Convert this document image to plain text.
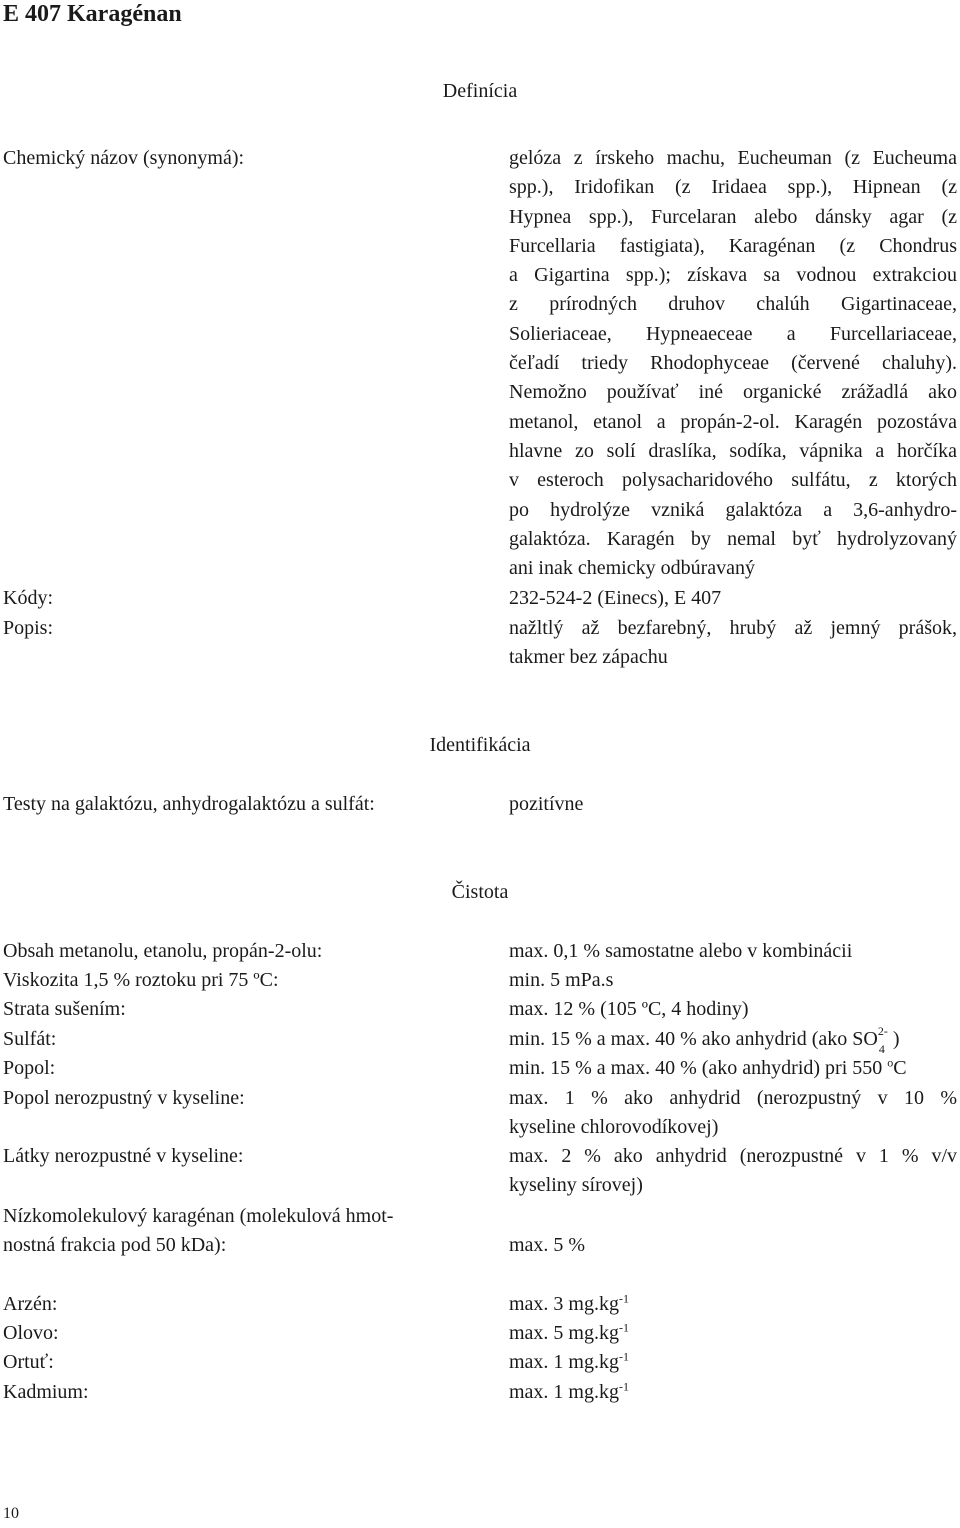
E 407 Karagénan
Definícia
Chemický názov (synonymá):	gelóza z írskeho machu, Eucheuman (z Eucheuma
spp.), Iridofikan (z Iridaea spp.), Hipnean (z
Hypnea spp.), Furcelaran alebo dánsky agar (z
Furcellaria fastigiata), Karagénan (z Chondrus
a Gigartina spp.); získava sa vodnou extrakciou
z prírodných druhov chalúh Gigartinaceae,
Solieriaceae, Hypneaeceae a Furcellariaceae,
čeľadí triedy Rhodophyceae (červené chaluhy).
Nemožno používať iné organické zrážadlá ako
metanol, etanol a propán-2-ol. Karagén pozostáva
hlavne zo solí draslíka, sodíka, vápnika a horčíka
v esteroch polysacharidového sulfátu, z ktorých
po hydrolýze vzniká galaktóza a 3,6-anhydro-
galaktóza. Karagén by nemal byť hydrolyzovaný
ani inak chemicky odbúravaný
Kódy:	232-524-2 (Einecs), E 407
Popis:	nažltlý až bezfarebný, hrubý až jemný prášok,
takmer bez zápachu
Identifikácia
Testy na galaktózu, anhydrogalaktózu a sulfát:	pozitívne
Čistota
Obsah metanolu, etanolu, propán-2-olu:	max. 0,1 % samostatne alebo v kombinácii
Viskozita 1,5 % roztoku pri 75 ºC:	min. 5 mPa.s
Strata sušením:	max. 12 % (105 ºC, 4 hodiny)
Sulfát:	min. 15 % a max. 40 % ako anhydrid (ako SO 2-
4 )
Popol:	min. 15 % a max. 40 % (ako anhydrid) pri 550 $^o$C
Popol nerozpustný v kyseline:	max. 1 % ako anhydrid (nerozpustný v 10 %
kyseline chlorovodíkovej)
Látky nerozpustné v kyseline:	max. 2 % ako anhydrid (nerozpustné v 1 % v/v
kyseliny sírovej)
Nízkomolekulový karagénan (molekulová hmot-
nostná frakcia pod 50 kDa):	max. 5 %
Arzén:	max. 3 $mg.kg^{-1}$
Olovo:	max. 5 $mg.kg^{-1}$
Ortuť:	max. 1 $mg.kg^{-1}$
Kadmium:	max. 1 $mg.kg^{-1}$
10
